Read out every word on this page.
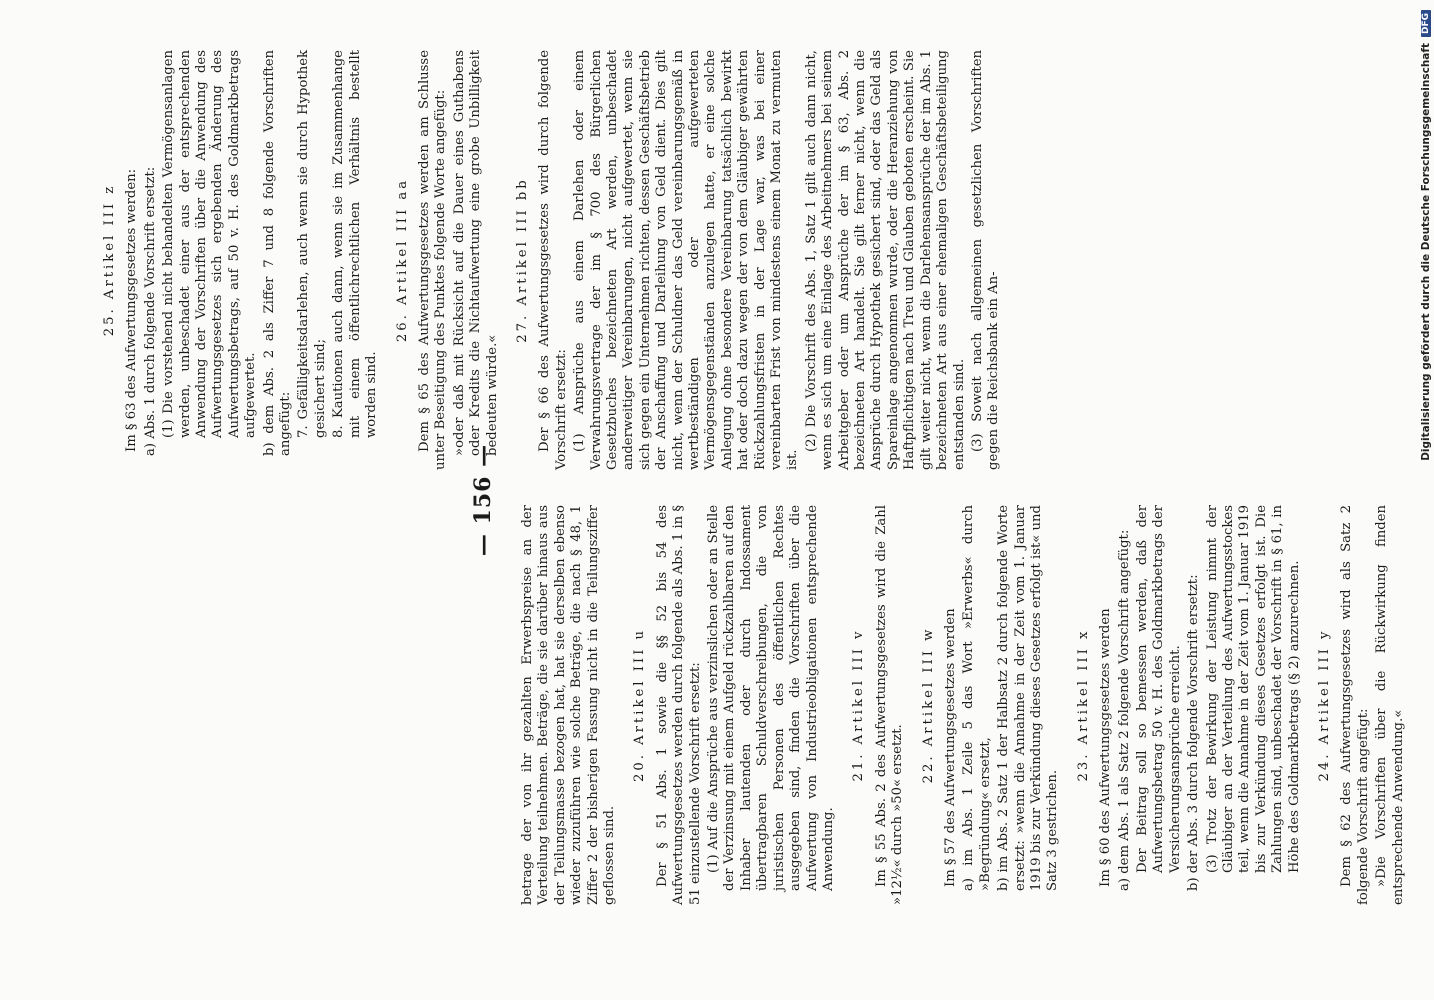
— 156 —

betrage der von ihr gezahlten Erwerbspreise an der Verteilung teilnehmen. Beträge, die sie darüber hinaus aus der Teilungsmasse bezogen hat, hat sie derselben ebenso wieder zuzuführen wie solche Beträge, die nach § 48, 1 Ziffer 2 der bisherigen Fassung nicht in die Teilungsziffer geflossen sind.

20. Artikel III u Der § 51 Abs. 1 sowie die §§ 52 bis 54 des Aufwertungsgesetzes werden durch folgende als Abs. 1 in § 51 einzustellende Vorschrift ersetzt: (1) Auf die Ansprüche aus verzinslichen oder an Stelle der Verzinsung mit einem Aufgeld rückzahlbaren auf den Inhaber lautenden oder durch Indossament übertragbaren Schuldverschreibungen, die von juristischen Personen des öffentlichen Rechtes ausgegeben sind, finden die Vorschriften über die Aufwertung von Industrieobligationen entsprechende Anwendung.

21. Artikel III v Im § 55 Abs. 2 des Aufwertungsgesetzes wird die Zahl »12½« durch »50« ersetzt.

22. Artikel III w Im § 57 des Aufwertungsgesetzes werden a) im Abs. 1 Zeile 5 das Wort »Erwerbs« durch »Begründung« ersetzt, b) im Abs. 2 Satz 1 der Halbsatz 2 durch folgende Worte ersetzt: »wenn die Annahme in der Zeit vom 1. Januar 1919 bis zur Verkündung dieses Gesetzes erfolgt ist« und Satz 3 gestrichen.

23. Artikel III x Im § 60 des Aufwertungsgesetzes werden a) dem Abs. 1 als Satz 2 folgende Vorschrift angefügt: Der Beitrag soll so bemessen werden, daß der Aufwertungsbetrag 50 v. H. des Goldmarkbetrags der Versicherungsansprüche erreicht. b) der Abs. 3 durch folgende Vorschrift ersetzt: (3) Trotz der Bewirkung der Leistung nimmt der Gläubiger an der Verteilung des Aufwertungsstockes teil, wenn die Annahme in der Zeit vom 1. Januar 1919 bis zur Verkündung dieses Gesetzes erfolgt ist. Die Zahlungen sind, unbeschadet der Vorschrift in § 61, in Höhe des Goldmarkbetrags (§ 2) anzurechnen. 24. Artikel III y Dem § 62 des Aufwertungsgesetzes wird als Satz 2 folgende Vorschrift angefügt: »Die Vorschriften über die Rückwirkung finden entsprechende Anwendung.«

25. Artikel III z Im § 63 des Aufwertungsgesetzes werden: a) Abs. 1 durch folgende Vorschrift ersetzt: (1) Die vorstehend nicht behandelten Vermögensanlagen werden, unbeschadet einer aus der entsprechenden Anwendung der Vorschriften über die Anwendung des Aufwertungsgesetzes sich ergebenden Änderung des Aufwertungsbetrags, auf 50 v. H. des Goldmarkbetrags aufgewertet. b) dem Abs. 2 als Ziffer 7 und 8 folgende Vorschriften angefügt: 7. Gefälligkeitsdarlehen, auch wenn sie durch Hypothek gesichert sind; 8. Kautionen auch dann, wenn sie im Zusammenhange mit einem öffentlichrechtlichen Verhältnis bestellt worden sind.

26. Artikel III aa Dem § 65 des Aufwertungsgesetzes werden am Schlusse unter Beseitigung des Punktes folgende Worte angefügt: »oder daß mit Rücksicht auf die Dauer eines Guthabens oder Kredits die Nichtaufwertung eine grobe Unbilligkeit bedeuten würde.«

27. Artikel III bb Der § 66 des Aufwertungsgesetzes wird durch folgende Vorschrift ersetzt: (1) Ansprüche aus einem Darlehen oder einem Verwahrungsvertrage der im § 700 des Bürgerlichen Gesetzbuches bezeichneten Art werden, unbeschadet anderweitiger Vereinbarungen, nicht aufgewertet, wenn sie sich gegen ein Unternehmen richten, dessen Geschäftsbetrieb der Anschaffung und Darleihung von Geld dient. Dies gilt nicht, wenn der Schuldner das Geld vereinbarungsgemäß in wertbeständigen oder aufgewerteten Vermögensgegenständen anzulegen hatte, er eine solche Anlegung ohne besondere Vereinbarung tatsächlich bewirkt hat oder doch dazu wegen der von dem Gläubiger gewährten Rückzahlungsfristen in der Lage war, was bei einer vereinbarten Frist von mindestens einem Monat zu vermuten ist.

(2) Die Vorschrift des Abs. 1, Satz 1 gilt auch dann nicht, wenn es sich um eine Einlage des Arbeitnehmers bei seinem Arbeitgeber oder um Ansprüche der im § 63, Abs. 2 bezeichneten Art handelt. Sie gilt ferner nicht, wenn die Ansprüche durch Hypothek gesichert sind, oder das Geld als Spareinlage angenommen wurde, oder die Heranziehung von Haftpflichtigen nach Treu und Glauben geboten erscheint. Sie gilt weiter nicht, wenn die Darlehensansprüche der im Abs. 1 bezeichneten Art aus einer ehemaligen Geschäftsbeteiligung entstanden sind. (3) Soweit nach allgemeinen gesetzlichen Vorschriften gegen die Reichsbank ein An-	Digitalisierung gefördert durch die Deutsche Forschungsgemeinschaft
DFG
